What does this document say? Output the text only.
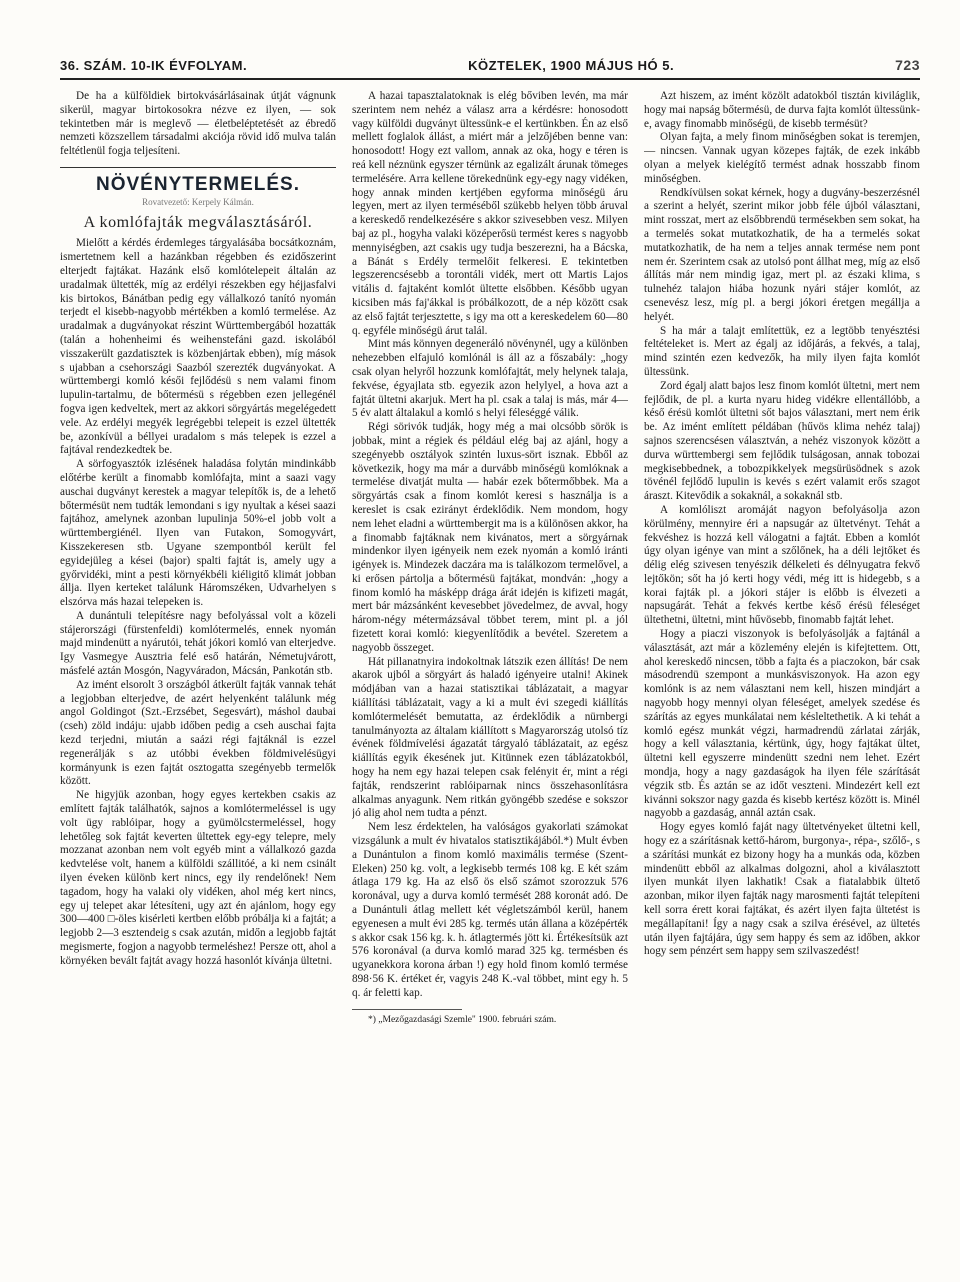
36. SZÁM. 10-IK ÉVFOLYAM.	KÖZTELEK, 1900 MÁJUS HÓ 5.	723

De ha a külföldiek birtokvásárlásainak útját vágnunk sikerül, magyar birtokosokra nézve ez ilyen, — sok tekintetben már is meglevő — életbeléptetését az ébredő nemzeti közszellem társadalmi akciója rövid idő mulva talán feltétlenül fogja teljesíteni.

NÖVÉNYTERMELÉS.
Rovatvezető: Kerpely Kálmán.
A komlófajták megválasztásáról.

Mielőtt a kérdés érdemleges tárgyalásába bocsátkoznám, ismertetnem kell a hazánkban régebben és ezidőszerint elterjedt fajtákat. Hazánk első komlótelepeit általán az uradalmak ültették, míg az erdélyi részekben egy héjjasfalvi kis birtokos, Bánátban pedig egy vállalkozó tanító nyomán terjedt el kisebb-nagyobb mértékben a komló termelése. Az uradalmak a dugványokat részint Württembergából hozatták (talán a hohenheimi és weihenstefáni gazd. iskolából visszakerült gazdatisztek is közbenjártak ebben), míg mások s ujabban a csehországi Saazból szerezték dugványokat. A württembergi komló késői fejlődésü s nem valami finom lupulin-tartalmu, de bőtermésü s régebben ezen jellegénél fogva igen kedveltek, mert az akkori sörgyártás megelégedett vele. Az erdélyi megyék legrégebbi telepeit is ezzel ültették be, azonkívül a béllyei uradalom s más telepek is ezzel a fajtával rendezkedtek be.

A sörfogyasztók izlésének haladása folytán mindinkább előtérbe került a finomabb komlófajta, mint a saazi vagy auschai dugványt kerestek a magyar telepítők is, de a lehető bőtermésüt nem tudták lemondani s igy nyultak a kései saazi fajtához, amelynek azonban lupulinja 50%-el jobb volt a württembergiénél. Ilyen van Futakon, Somogyvárt, Kisszekeresen stb. Ugyane szempontból került fel egyidejüleg a kései (bajor) spalti fajtát is, amely ugy a győrvidéki, mint a pesti környékbéli kiéligitő klimát jobban állja. Ilyen kerteket találunk Háromszéken, Udvarhelyen s elszórva más hazai telepeken is.

A dunántuli telepítésre nagy befolyással volt a közeli stájerországi (fürstenfeldi) komlótermelés, ennek nyomán majd mindenütt a nyárutói, tehát jókori komló van elterjedve. Igy Vasmegye Ausztria felé eső határán, Németujvárott, másfelé aztán Mosgón, Nagyváradon, Mácsán, Pankotán stb.

Az imént elsorolt 3 országból átkerült fajták vannak tehát a legjobban elterjedve, de azért helyenként találunk még angol Goldingot (Szt.-Erzsébet, Segesvárt), máshol daubai (cseh) zöld indáju: ujabb időben pedig a cseh auschai fajta kezd terjedni, miután a saázi régi fajtáknál is ezzel regenerálják s az utóbbi években földmivelésügyi kormányunk is ezen fajtát osztogatta szegényebb termelők között.

Ne higyjük azonban, hogy egyes kertekben csakis az említett fajták találhatók, sajnos a komlótermeléssel is ugy volt ügy rablóipar, hogy a gyümölcstermeléssel, hogy lehetőleg sok fajtát keverten ültettek egy-egy telepre, mely mozzanat azonban nem volt egyéb mint a vállalkozó gazda kedvtelése volt, hanem a külföldi szállitóé, a ki nem csinált ilyen éveken különb kert nincs, egy ily rendelőnek! Nem tagadom, hogy ha valaki oly vidéken, ahol még kert nincs, egy uj telepet akar létesíteni, ugy azt én ajánlom, hogy egy 300—400 □-öles kisérleti kertben előbb próbálja ki a fajtát; a legjobb 2—3 esztendeig s csak azután, midőn a legjobb fajtát megismerte, fogjon a nagyobb termeléshez! Persze ott, ahol a környéken bevált fajtát avagy hozzá hasonlót kívánja ültetni.

A hazai tapasztalatoknak is elég bőviben levén, ma már szerintem nem nehéz a válasz arra a kérdésre: honosodott vagy külföldi dugványt ültessünk-e el kertünkben. Én az első mellett foglalok állást, a miért már a jelzőjében benne van: honosodott! Hogy ezt vallom, annak az oka, hogy e téren is reá kell néznünk egyszer térnünk az egalizált árunak tömeges termelésére. Arra kellene törekednünk egy-egy nagy vidéken, hogy annak minden kertjében egyforma minőségü áru legyen, mert az ilyen terméséből szükebb helyen több áruval a kereskedő rendelkezésére s akkor szivesebben vesz. Milyen baj az pl., hogyha valaki középerősü termést keres s nagyobb mennyiségben, azt csakis ugy tudja beszerezni, ha a Bácska, a Bánát s Erdély termelőit felkeresi. E tekintetben legszerencsésebb a torontáli vidék, mert ott Martis Lajos vitális d. fajtaként komlót ültette elsőbben. Később ugyan kicsiben más faj'ákkal is próbálkozott, de a nép között csak az első fajtát terjesztette, s igy ma ott a kereskedelem 60—80 q. egyféle minőségü árut talál.

Mint más könnyen degeneráló növénynél, ugy a különben nehezebben elfajuló komlónál is áll az a főszabály: „hogy csak olyan helyről hozzunk komlófajtát, mely helynek talaja, fekvése, égyajlata stb. egyezik azon helylyel, a hova azt a fajtát ültetni akarjuk. Mert ha pl. csak a talaj is más, már 4—5 év alatt általakul a komló s helyi féleséggé válik.

Régi sörivók tudják, hogy még a mai olcsóbb sörök is jobbak, mint a régiek és például elég baj az ajánl, hogy a szegényebb osztályok szintén luxus-sört isznak. Ebből az következik, hogy ma már a durvább minőségü komlóknak a termelése divatját multa — habár ezek bőtermőbbek. Ma a sörgyártás csak a finom komlót keresi s használja is a kereslet is csak ezirányt érdeklődik. Nem mondom, hogy nem lehet eladni a württembergit ma is a különösen akkor, ha a finomabb fajtáknak nem kivánatos, mert a sörgyárnak mindenkor ilyen igényeik nem ezek nyomán a komló iránti igények is. Mindezek daczára ma is találkozom termelővel, a ki erősen pártolja a bőtermésü fajtákat, mondván: „hogy a finom komló ha másképp drága árát idején is kifizeti magát, mert bár mázsánként kevesebbet jövedelmez, de avval, hogy három-négy métermázsával többet terem, mint pl. a jól fizetett korai komló: kiegyenlítődik a bevétel. Szeretem a nagyobb összeget.

Hát pillanatnyira indokoltnak látszik ezen állítás! De nem akarok ujból a sörgyárt ás haladó igényeire utalni! Akinek módjában van a hazai statisztikai táblázatait, a magyar kiállítási táblázatait, vagy a ki a mult évi szegedi kiállítás komlótermelését bemutatta, az érdeklődik a nürnbergi tanulmányozta az általam kiállított s Magyarország utolsó tíz évének földmívelési ágazatát tárgyaló táblázatait, az egész kiállítás egyik ékesének jut. Kitünnek ezen táblázatokból, hogy ha nem egy hazai telepen csak felényit ér, mint a régi fajták, rendszerint rablóiparnak nincs összehasonlításra alkalmas anyagunk. Nem ritkán gyöngébb szedése e sokszor jó alig ahol nem tudta a pénzt.

Nem lesz érdektelen, ha valóságos gyakorlati számokat vizsgálunk a mult év hivatalos statisztikájából.*) Mult évben a Dunántulon a finom komló maximális termése (Szent-Eleken) 250 kg. volt, a legkisebb termés 108 kg. E két szám átlaga 179 kg. Ha az első ös első számot szorozzuk 576 koronával, ugy a durva komló termését 288 koronát adó. De a Dunántuli átlag mellett két végletszámból kerül, hanem egyenesen a mult évi 285 kg. termés után állana a középérték s akkor csak 156 kg. k. h. átlagtermés jött ki. Értékesítsük azt 576 koronával (a durva komló marad 325 kg. termésben és ugyanekkora korona árban !) egy hold finom komló termése 898·56 K. értéket ér, vagyis 248 K.-val többet, mint egy h. 5 q. ár feletti kap.

*) „Mezőgazdasági Szemle" 1900. februári szám.

Azt hiszem, az imént közölt adatokból tisztán kiviláglik, hogy mai napság bőtermésü, de durva fajta komlót ültessünk-e, avagy finomabb minőségü, de kisebb termésüt?

Olyan fajta, a mely finom minőségben sokat is teremjen, — nincsen. Vannak ugyan közepes fajták, de ezek inkább olyan a melyek kielégítő termést adnak hosszabb finom minőségben.

Rendkívülsen sokat kérnek, hogy a dugvány-beszerzésnél a szerint a helyét, szerint mikor jobb féle újból választani, mint rosszat, mert az elsőbbrendü termésekben sem sokat, ha a termelés sokat mutatkozhatik, de ha a termelés sokat mutatkozhatik, de ha nem a teljes annak termése nem pont nem ér. Szerintem csak az utolsó pont állhat meg, míg az első állítás már nem mindig igaz, mert pl. az északi klima, s tulnehéz talajon hiába hozunk nyári stájer komlót, az csenevész lesz, míg pl. a bergi jókori éretgen megállja a helyét.

S ha már a talajt említettük, ez a legtöbb tenyésztési feltételeket is. Mert az égalj az időjárás, a fekvés, a talaj, mind szintén ezen kedvezők, ha mily ilyen fajta komlót ültessünk.

Zord égalj alatt bajos lesz finom komlót ültetni, mert nem fejlődik, de pl. a kurta nyaru hideg vidékre ellentállóbb, a késő érésü komlót ültetni sőt bajos választani, mert nem érik be. Az imént említett példában (hűvös klima nehéz talaj) sajnos szerencsésen választván, a nehéz viszonyok között a durva württembergi sem fejlődik tulságosan, annak tobozai megkisebbednek, a tobozpikkelyek megsürüsödnek s azok tövénél fejlődő lupulin is kevés s ezért valamit erős szagot áraszt. Kitevődik a sokaknál, a sokaknál stb.

A komlóliszt aromáját nagyon befolyásolja azon körülmény, mennyire éri a napsugár az ültetvényt. Tehát a fekvéshez is hozzá kell válogatni a fajtát. Ebben a komlót úgy olyan igénye van mint a szőlőnek, ha a déli lejtőket és délig elég szivesen tenyészik délkeleti és délnyugatra fekvő lejtőkön; sőt ha jó kerti hogy védi, még itt is hidegebb, s a korai fajták pl. a jókori stájer is előbb is élvezeti a napsugárát. Tehát a fekvés kertbe késő érésü féleséget ültethetni, ültetni, mint hűvösebb, finomabb fajtát lehet.

Hogy a piaczi viszonyok is befolyásolják a fajtánál a választását, azt már a közlemény elején is kifejtettem. Ott, ahol kereskedő nincsen, több a fajta és a piaczokon, bár csak másodrendü szempont a munkásviszonyok. Ha azon egy komlónk is az nem választani nem kell, hiszen mindjárt a nagyobb hogy mennyi olyan féleséget, amelyek szedése és szárítás az egyes munkálatai nem késleltethetik. A ki tehát a komló egész munkát végzi, harmadrendü zárlatai zárják, hogy a kell választania, kértünk, úgy, hogy fajtákat ültet, ültetni kell egyszerre mindenütt szedni nem lehet. Ezért mondja, hogy a nagy gazdaságok ha ilyen féle szárítását végzik stb. És aztán se az időt veszteni. Mindezért kell ezt kivánni sokszor nagy gazda és kisebb kertész között is. Minél nagyobb a gazdaság, annál aztán csak.

Hogy egyes komló faját nagy ültetvényeket ültetni kell, hogy ez a szárításnak kettő-három, burgonya-, répa-, szőlő-, s a szárítási munkát ez bizony hogy ha a munkás oda, közben mindenütt ebből az alkalmas dolgozni, ahol a kiválasztott ilyen munkát ilyen lakhatik! Csak a fiatalabbik ültető azonban, mikor ilyen fajták nagy marosmenti fajtát telepíteni kell sorra érett korai fajtákat, és azért ilyen fajta ültetést is megállapítani! Így a nagy csak a szilva érésével, az ültetés után ilyen fajtájára, úgy sem happy és sem az időben, akkor hogy sem pénzért sem happy sem szilvaszedést!
